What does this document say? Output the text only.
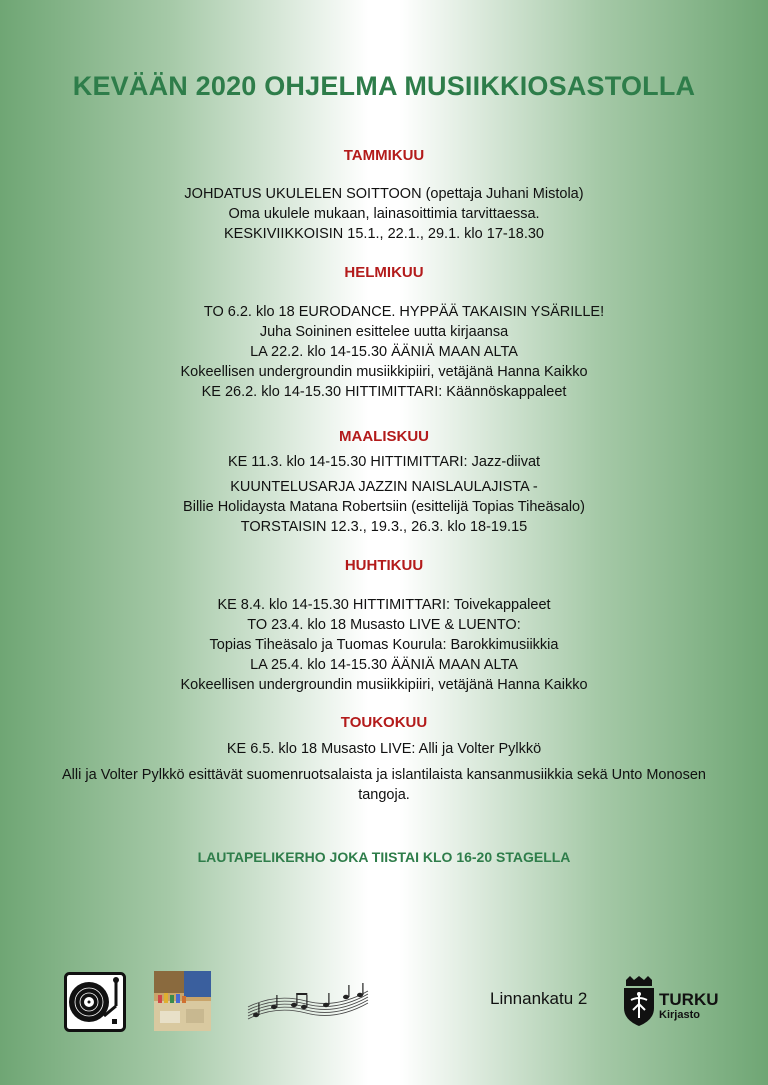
KEVÄÄN 2020 OHJELMA MUSIIKKIOSASTOLLA
TAMMIKUU
JOHDATUS UKULELEN SOITTOON (opettaja Juhani Mistola)
Oma ukulele mukaan, lainasoittimia tarvittaessa.
KESKIVIIKKOISIN 15.1., 22.1., 29.1. klo 17-18.30
HELMIKUU
TO 6.2. klo 18 EURODANCE. HYPPÄÄ TAKAISIN YSÄRILLE!
Juha Soininen esittelee uutta kirjaansa
LA 22.2. klo 14-15.30 ÄÄNIÄ MAAN ALTA
Kokeellisen undergroundin musiikkipiiri, vetäjänä Hanna Kaikko
KE 26.2. klo 14-15.30 HITTIMITTARI: Käännöskappaleet
MAALISKUU
KE 11.3. klo 14-15.30 HITTIMITTARI: Jazz-diivat
KUUNTELUSARJA JAZZIN NAISLAULAJISTA -
Billie Holidaysta Matana Robertsiin (esittelijä Topias Tiheäsalo)
TORSTAISIN 12.3., 19.3., 26.3. klo 18-19.15
HUHTIKUU
KE 8.4. klo 14-15.30 HITTIMITTARI: Toivekappaleet
TO 23.4. klo 18 Musasto LIVE & LUENTO:
Topias Tiheäsalo ja Tuomas Kourula: Barokkimusiikkia
LA 25.4. klo 14-15.30 ÄÄNIÄ MAAN ALTA
Kokeellisen undergroundin musiikkipiiri, vetäjänä Hanna Kaikko
TOUKOKUU
KE 6.5. klo 18 Musasto LIVE: Alli ja Volter Pylkkö
Alli ja Volter Pylkkö esittävät suomenruotsalaista ja islantilaista kansanmusiikkia sekä Unto Monosen tangoja.
LAUTAPELIKERHO JOKA TIISTAI KLO 16-20 STAGELLA
Linnankatu 2	TURKU
Kirjasto
